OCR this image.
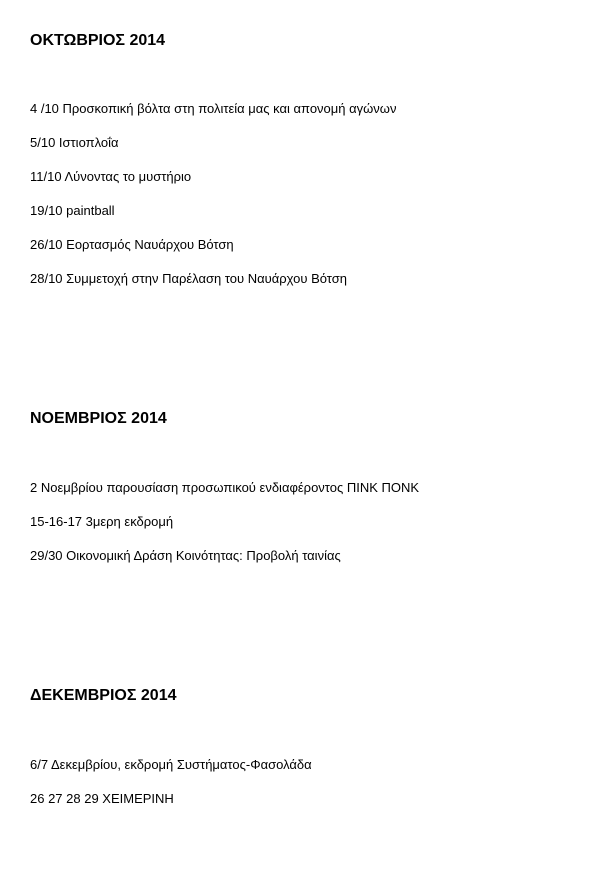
ΟΚΤΩΒΡΙΟΣ 2014

4 /10 Προσκοπική βόλτα στη πολιτεία μας και απονομή αγώνων

5/10 Ιστιοπλοΐα

11/10 Λύνοντας το μυστήριο

19/10 paintball

26/10 Εορτασμός Ναυάρχου Βότση

28/10 Συμμετοχή στην Παρέλαση του Ναυάρχου Βότση

ΝΟΕΜΒΡΙΟΣ 2014

2 Νοεμβρίου παρουσίαση προσωπικού ενδιαφέροντος ΠΙΝΚ ΠΟΝΚ

15-16-17 3μερη εκδρομή

29/30 Οικονομική Δράση Κοινότητας: Προβολή ταινίας

ΔΕΚΕΜΒΡΙΟΣ 2014

6/7 Δεκεμβρίου, εκδρομή Συστήματος-Φασολάδα

26 27 28 29 ΧΕΙΜΕΡΙΝΗ
